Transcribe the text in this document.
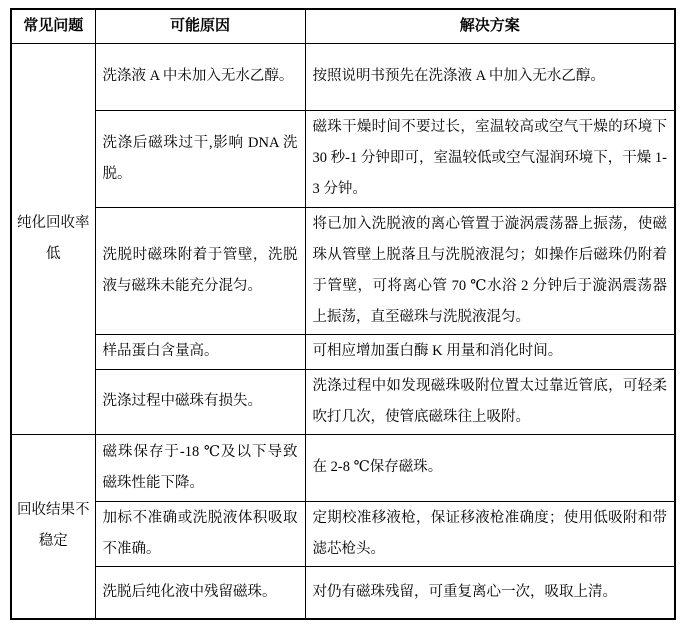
常见问题	可能原因	解决方案
纯化回收率低	洗涤液 A 中未加入无水乙醇。	按照说明书预先在洗涤液 A 中加入无水乙醇。
	洗涤后磁珠过干,影响 DNA 洗脱。	磁珠干燥时间不要过长，室温较高或空气干燥的环境下 30 秒-1 分钟即可，室温较低或空气湿润环境下，干燥 1-3 分钟。
	洗脱时磁珠附着于管壁，洗脱液与磁珠未能充分混匀。	将已加入洗脱液的离心管置于漩涡震荡器上振荡，使磁珠从管壁上脱落且与洗脱液混匀；如操作后磁珠仍附着于管壁，可将离心管 70 ℃水浴 2 分钟后于漩涡震荡器上振荡，直至磁珠与洗脱液混匀。
	样品蛋白含量高。	可相应增加蛋白酶 K 用量和消化时间。
	洗涤过程中磁珠有损失。	洗涤过程中如发现磁珠吸附位置太过靠近管底，可轻柔吹打几次，使管底磁珠往上吸附。
回收结果不稳定	磁珠保存于-18 ℃及以下导致磁珠性能下降。	在 2-8 ℃保存磁珠。
	加标不准确或洗脱液体积吸取不准确。	定期校准移液枪，保证移液枪准确度；使用低吸附和带滤芯枪头。
	洗脱后纯化液中残留磁珠。	对仍有磁珠残留，可重复离心一次，吸取上清。
